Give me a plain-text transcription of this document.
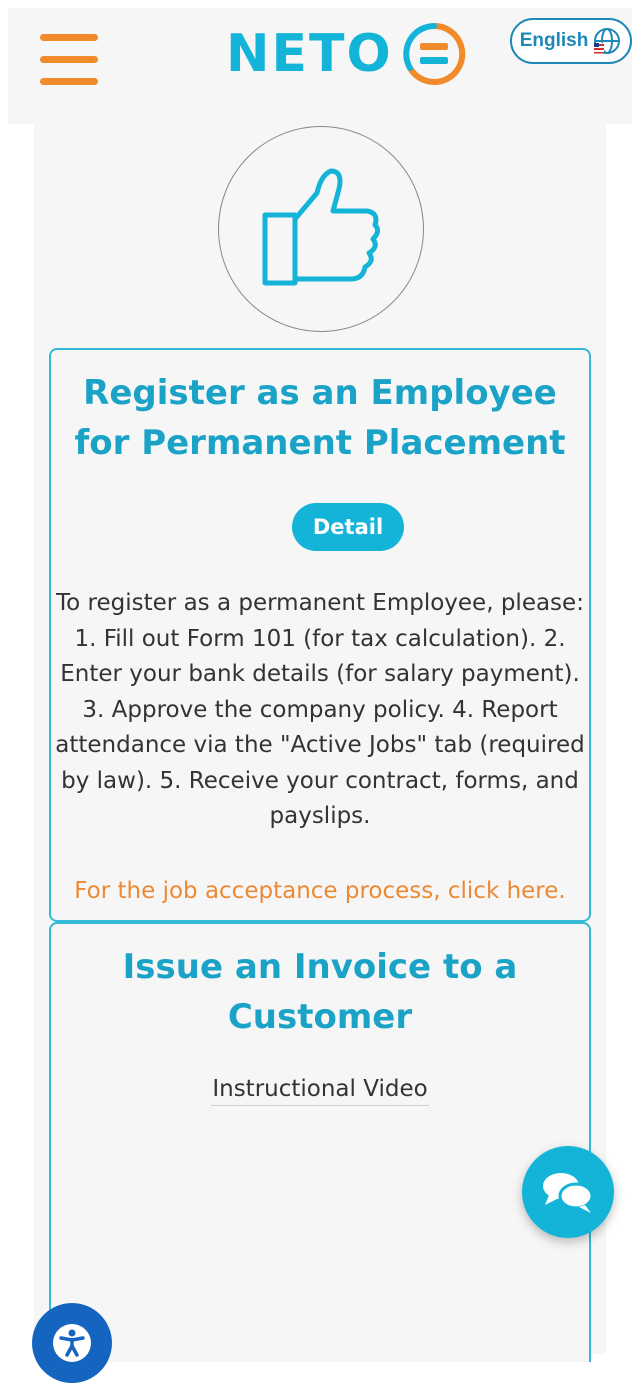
NETO	English
Register as an Employee for Permanent Placement
Detail
To register as a permanent Employee, please: 1. Fill out Form 101 (for tax calculation). 2. Enter your bank details (for salary payment). 3. Approve the company policy. 4. Report attendance via the "Active Jobs" tab (required by law). 5. Receive your contract, forms, and payslips.
For the job acceptance process, click here.
Issue an Invoice to a Customer
Instructional Video
